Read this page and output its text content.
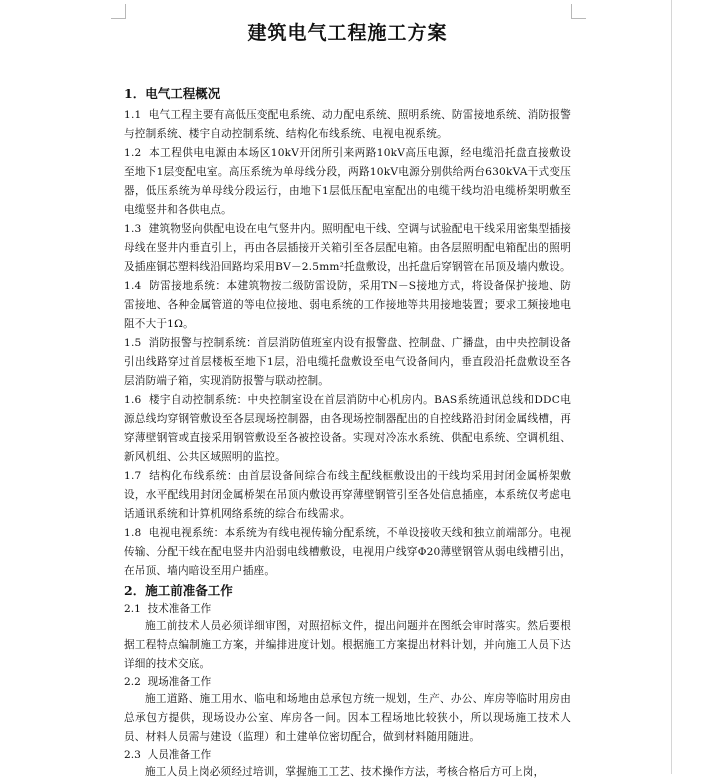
建筑电气工程施工方案

1．电气工程概况

1.1 电气工程主要有高低压变配电系统、动力配电系统、照明系统、防雷接地系统、消防报警与控制系统、楼宇自动控制系统、结构化布线系统、电视电视系统。

1.2 本工程供电电源由本场区10kV开闭所引来两路10kV高压电源，经电缆沿托盘直接敷设至地下1层变配电室。高压系统为单母线分段，两路10kV电源分别供给两台630kVA干式变压器，低压系统为单母线分段运行，由地下1层低压配电室配出的电缆干线均沿电缆桥架明敷至电缆竖井和各供电点。

1.3 建筑物竖向供配电设在电气竖井内。照明配电干线、空调与试验配电干线采用密集型插接母线在竖井内垂直引上，再由各层插接开关箱引至各层配电箱。由各层照明配电箱配出的照明及插座铜芯塑料线沿回路均采用BV－2.5mm²托盘敷设，出托盘后穿钢管在吊顶及墙内敷设。

1.4 防雷接地系统：本建筑物按二级防雷设防，采用TN－S接地方式，将设备保护接地、防雷接地、各种金属管道的等电位接地、弱电系统的工作接地等共用接地装置；要求工频接地电阻不大于1Ω。

1.5 消防报警与控制系统：首层消防值班室内设有报警盘、控制盘、广播盘，由中央控制设备引出线路穿过首层楼板至地下1层，沿电缆托盘敷设至电气设备间内，垂直段沿托盘敷设至各层消防端子箱，实现消防报警与联动控制。

1.6 楼宇自动控制系统：中央控制室设在首层消防中心机房内。BAS系统通讯总线和DDC电源总线均穿钢管敷设至各层现场控制器，由各现场控制器配出的自控线路沿封闭金属线槽，再穿薄壁钢管或直接采用钢管敷设至各被控设备。实现对冷冻水系统、供配电系统、空调机组、新风机组、公共区域照明的监控。

1.7 结构化布线系统：由首层设备间综合布线主配线框敷设出的干线均采用封闭金属桥架敷设，水平配线用封闭金属桥架在吊顶内敷设再穿薄壁钢管引至各处信息插座，本系统仅考虑电话通讯系统和计算机网络系统的综合布线需求。

1.8 电视电视系统：本系统为有线电视传输分配系统，不单设接收天线和独立前端部分。电视传输、分配干线在配电竖井内沿弱电线槽敷设，电视用户线穿Φ20薄壁钢管从弱电线槽引出，在吊顶、墙内暗设至用户插座。

2．施工前准备工作

2.1 技术准备工作

施工前技术人员必须详细审图，对照招标文件，提出问题并在图纸会审时落实。然后要根据工程特点编制施工方案，并编排进度计划。根据施工方案提出材料计划，并向施工人员下达详细的技术交底。

2.2 现场准备工作

施工道路、施工用水、临电和场地由总承包方统一规划，生产、办公、库房等临时用房由总承包方提供，现场设办公室、库房各一间。因本工程场地比较狭小，所以现场施工技术人员、材料人员需与建设（监理）和土建单位密切配合，做到材料随用随进。

2.3 人员准备工作

施工人员上岗必须经过培训，掌握施工工艺、技术操作方法，考核合格后方可上岗，
